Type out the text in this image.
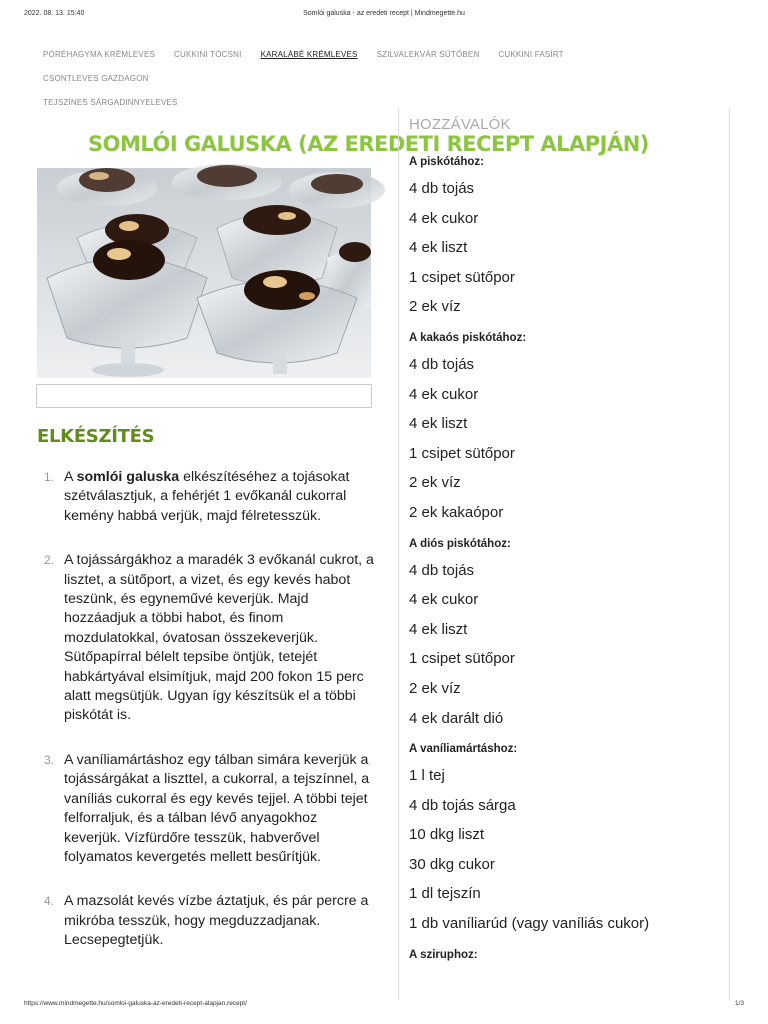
2022. 08. 13. 15:40	Somlói galuska - az eredeti recept | Mindmegette.hu
PÓRÉHAGYMA KRÉMLEVES CUKKINI TÓCSNI KARALÁBÉ KRÉMLEVES SZILVALEKVÁR SÜTŐBEN CUKKINI FASÍRT
CSONTLEVES GAZDAGON
TEJSZÍNES SÁRGADINNYELEVES
SOMLÓI GALUSKA (AZ EREDETI RECEPT ALAPJÁN)
ELKÉSZÍTÉS
1. A somlói galuska elkészítéséhez a tojásokat szétválasztjuk, a fehérjét 1 evőkanál cukorral kemény habbá verjük, majd félretesszük.
2. A tojássárgákhoz a maradék 3 evőkanál cukrot, a lisztet, a sütőport, a vizet, és egy kevés habot teszünk, és egyneművé keverjük. Majd hozzáadjuk a többi habot, és finom mozdulatokkal, óvatosan összekeverjük. Sütőpapírral bélelt tepsibe öntjük, tetejét habkártyával elsimítjuk, majd 200 fokon 15 perc alatt megsütjük. Ugyan így készítsük el a többi piskótát is.
3. A vaníliamártáshoz egy tálban simára keverjük a tojássárgákat a liszttel, a cukorral, a tejszínnel, a vaníliás cukorral és egy kevés tejjel. A többi tejet felforraljuk, és a tálban lévő anyagokhoz keverjük. Vízfürdőre tesszük, habverővel folyamatos kevergetés mellett besűrítjük.
4. A mazsolát kevés vízbe áztatjuk, és pár percre a mikróba tesszük, hogy megduzzadjanak. Lecsepegtetjük.
HOZZÁVALÓK
A piskótához:
4 db tojás
4 ek cukor
4 ek liszt
1 csipet sütőpor
2 ek víz
A kakaós piskótához:
4 db tojás
4 ek cukor
4 ek liszt
1 csipet sütőpor
2 ek víz
2 ek kakaópor
A diós piskótához:
4 db tojás
4 ek cukor
4 ek liszt
1 csipet sütőpor
2 ek víz
4 ek darált dió
A vaníliamártáshoz:
1 l tej
4 db tojás sárga
10 dkg liszt
30 dkg cukor
1 dl tejszín
1 db vaníliarúd (vagy vaníliás cukor)
A sziruphoz:
https://www.mindmegette.hu/somloi-galuska-az-eredeti-recept-alapjan.recept/	1/3
